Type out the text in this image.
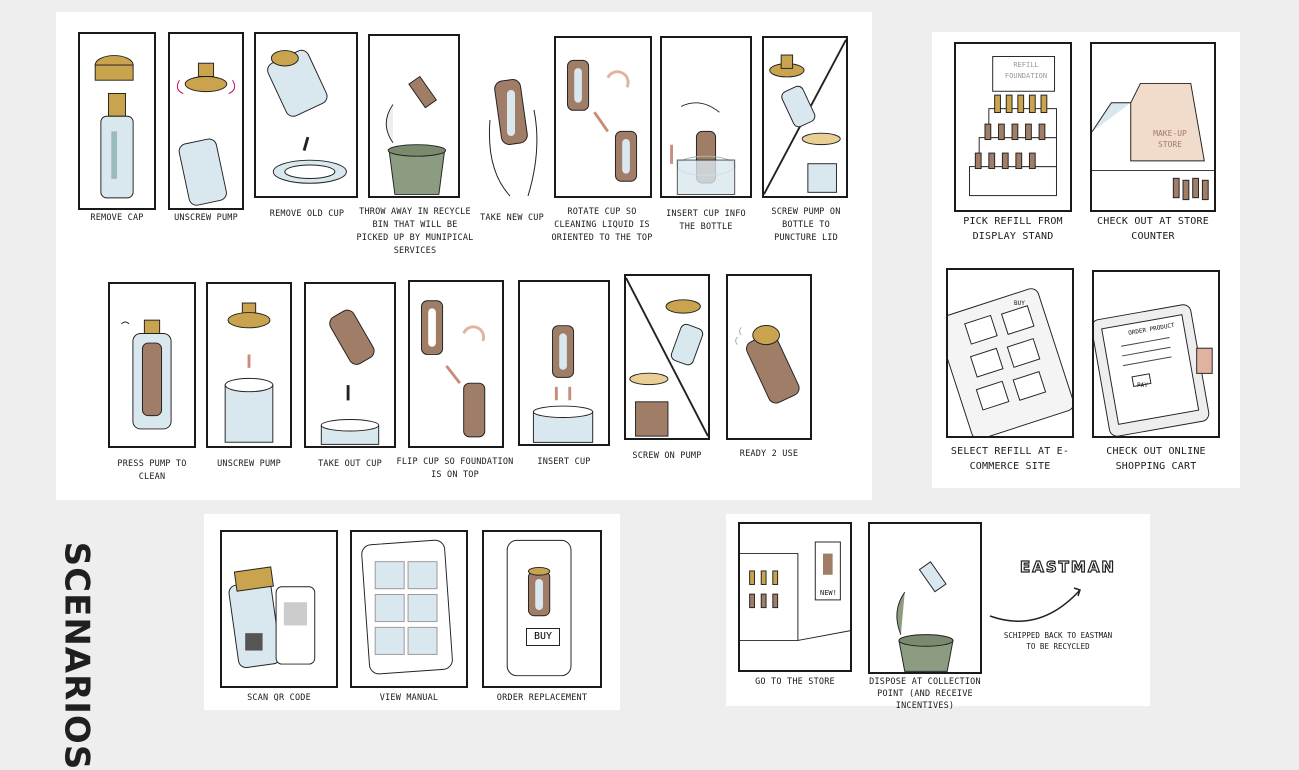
SCENARIOS
REMOVE CAP	UNSCREW PUMP	REMOVE OLD CUP	THROW AWAY IN RECYCLE BIN THAT WILL BE PICKED UP BY MUNIPICAL SERVICES
TAKE NEW CUP
ROTATE CUP SO CLEANING LIQUID IS ORIENTED TO THE TOP
INSERT CUP INFO THE BOTTLE
SCREW PUMP ON BOTTLE TO PUNCTURE LID
PRESS PUMP TO CLEAN
UNSCREW PUMP	TAKE OUT CUP	FLIP CUP SO FOUNDATION IS ON TOP
INSERT CUP
SCREW ON PUMP	READY 2 USE
REFILL FOUNDATION
PICK REFILL FROM DISPLAY STAND
MAKE-UP STORE
CHECK OUT AT STORE COUNTER
BUY
SELECT REFILL AT E-COMMERCE SITE
ORDER PRODUCT
PAY
CHECK OUT ONLINE SHOPPING CART
SCAN QR CODE	VIEW MANUAL
BUY
ORDER REPLACEMENT
NEW!
GO TO THE STORE	DISPOSE AT COLLECTION POINT (AND RECEIVE INCENTIVES)
EASTMAN
SCHIPPED BACK TO EASTMAN TO BE RECYCLED
